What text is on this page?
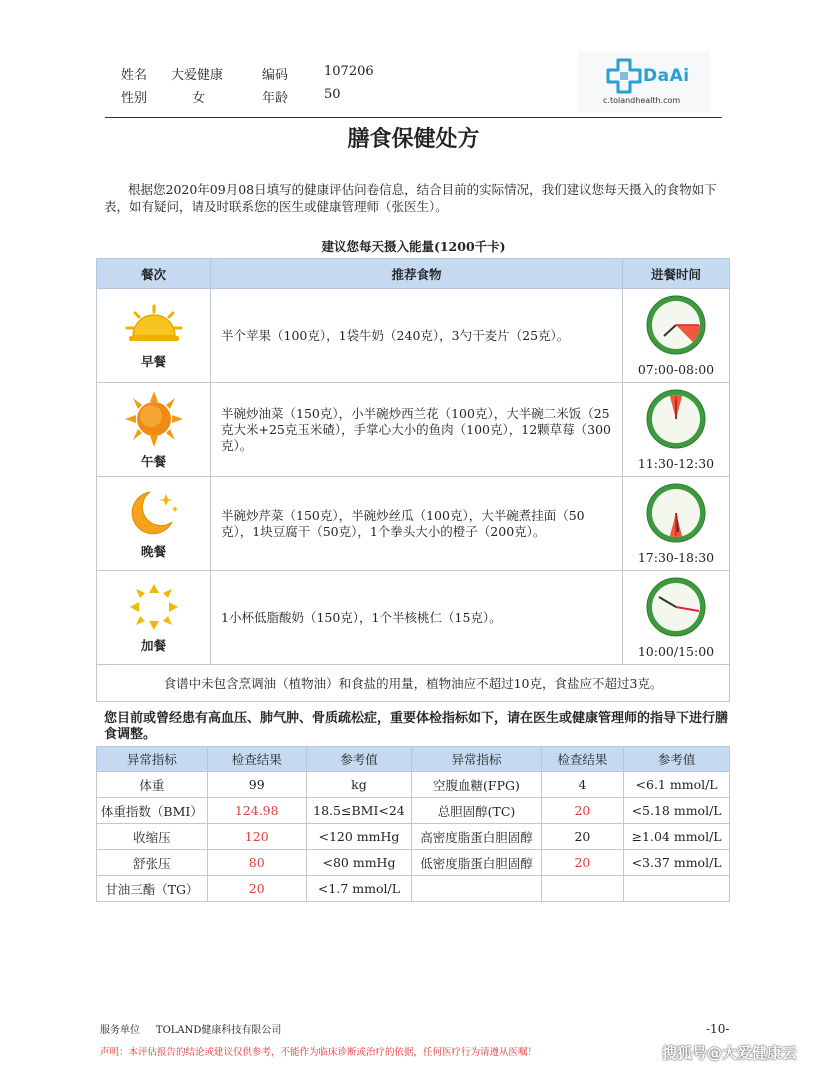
姓名 大爱健康	编码	107206
性别	女	年龄	50
DaAi
c.tolandhealth.com
膳食保健处方
根据您2020年09月08日填写的健康评估问卷信息，结合目前的实际情况，我们建议您每天摄入的食物如下表，如有疑问，请及时联系您的医生或健康管理师（张医生）。
建议您每天摄入能量(1200千卡)
餐次	推荐食物	进餐时间

早餐	半个苹果（100克），1袋牛奶（240克），3勺干麦片（25克）。	07:00-08:00

午餐	半碗炒油菜（150克），小半碗炒西兰花（100克），大半碗二米饭（25克大米+25克玉米碴），手掌心大小的鱼肉（100克），12颗草莓（300克）。	11:30-12:30

晚餐	半碗炒芹菜（150克），半碗炒丝瓜（100克），大半碗煮挂面（50克），1块豆腐干（50克），1个拳头大小的橙子（200克）。	17:30-18:30

加餐	1小杯低脂酸奶（150克），1个半核桃仁（15克）。	10:00/15:00

食谱中未包含烹调油（植物油）和食盐的用量，植物油应不超过10克，食盐应不超过3克。		
您目前或曾经患有高血压、肺气肿、骨质疏松症，重要体检指标如下，请在医生或健康管理师的指导下进行膳食调整。
异常指标	检查结果	参考值	异常指标	检查结果	参考值
体重	99	kg	空腹血糖(FPG)	4	<6.1 mmol/L
体重指数（BMI）	124.98	18.5≤BMI<24	总胆固醇(TC)	20	<5.18 mmol/L
收缩压	120	<120 mmHg	高密度脂蛋白胆固醇	20	≥1.04 mmol/L
舒张压	80	<80 mmHg	低密度脂蛋白胆固醇	20	<3.37 mmol/L
甘油三酯（TG）	20	<1.7 mmol/L			
服务单位 TOLAND健康科技有限公司	-10-
声明：本评估报告的结论或建议仅供参考，不能作为临床诊断或治疗的依据，任何医疗行为请遵从医嘱！	搜狐号@大爱健康云
